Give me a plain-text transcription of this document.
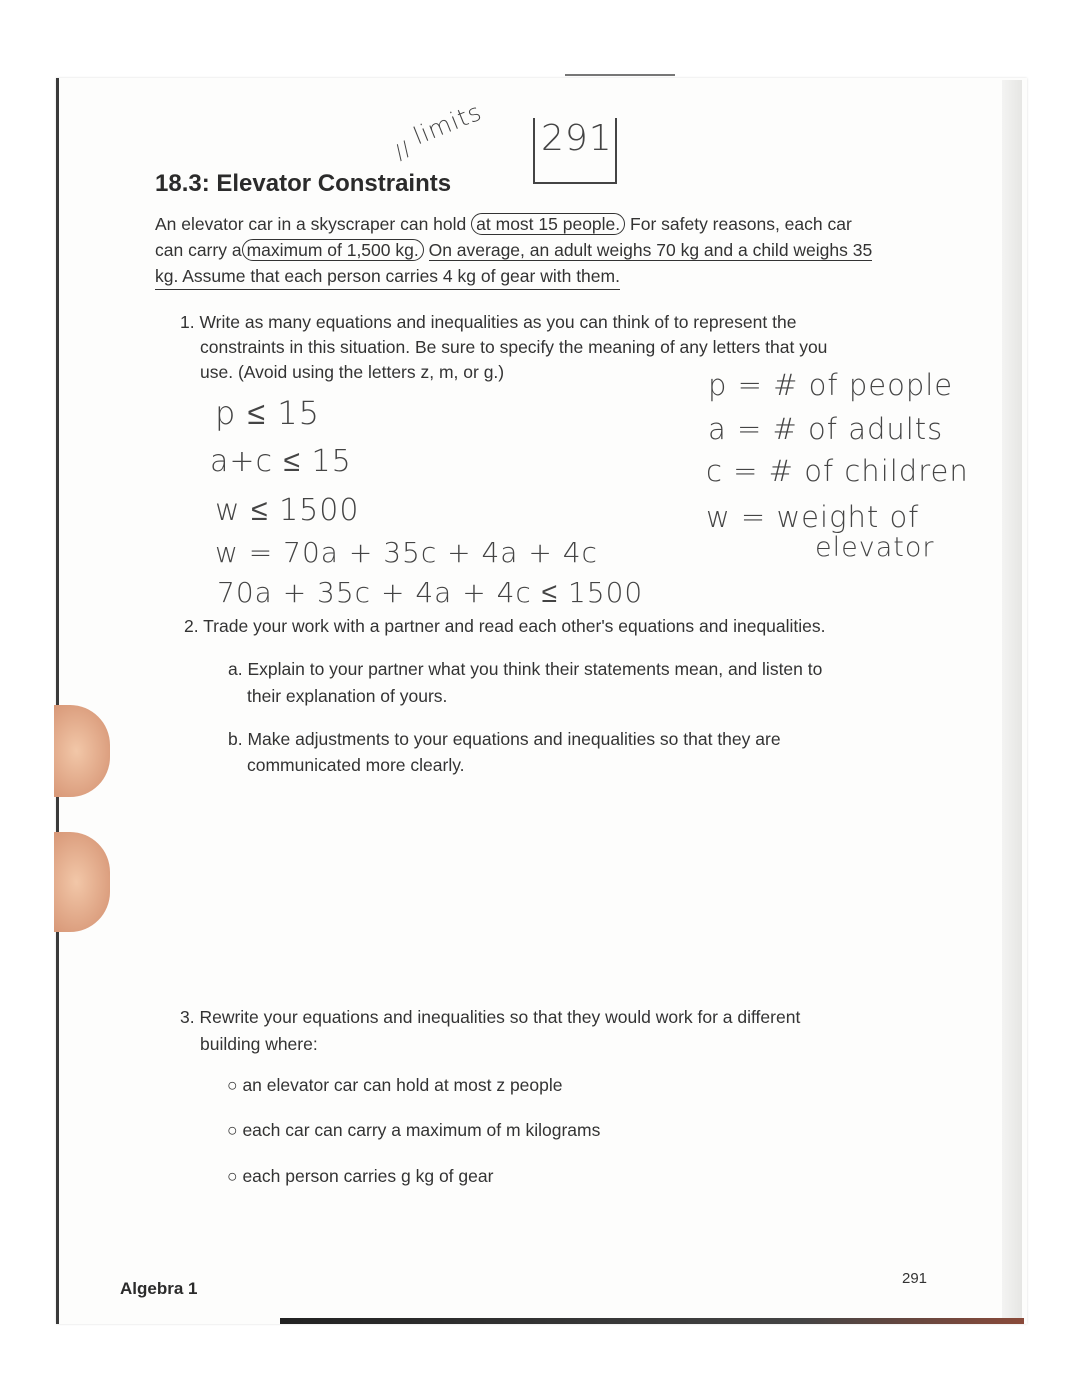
limits
//	291
18.3: Elevator Constraints
An elevator car in a skyscraper can hold at most 15 people. For safety reasons, each car
can carry a maximum of 1,500 kg. On average, an adult weighs 70 kg and a child weighs 35
kg. Assume that each person carries 4 kg of gear with them.
1. Write as many equations and inequalities as you can think of to represent the
constraints in this situation. Be sure to specify the meaning of any letters that you
use. (Avoid using the letters z, m, or g.)
p ≤ 15
a+c ≤ 15
w ≤ 1500
w = 70a + 35c + 4a + 4c
70a + 35c + 4a + 4c ≤ 1500
p = # of people
a = # of adults
c = # of children
w = weight of
elevator
2. Trade your work with a partner and read each other's equations and inequalities.
a. Explain to your partner what you think their statements mean, and listen to
their explanation of yours.
b. Make adjustments to your equations and inequalities so that they are
communicated more clearly.
3. Rewrite your equations and inequalities so that they would work for a different
building where:
○ an elevator car can hold at most z people
○ each car can carry a maximum of m kilograms
○ each person carries g kg of gear
Algebra 1
291
